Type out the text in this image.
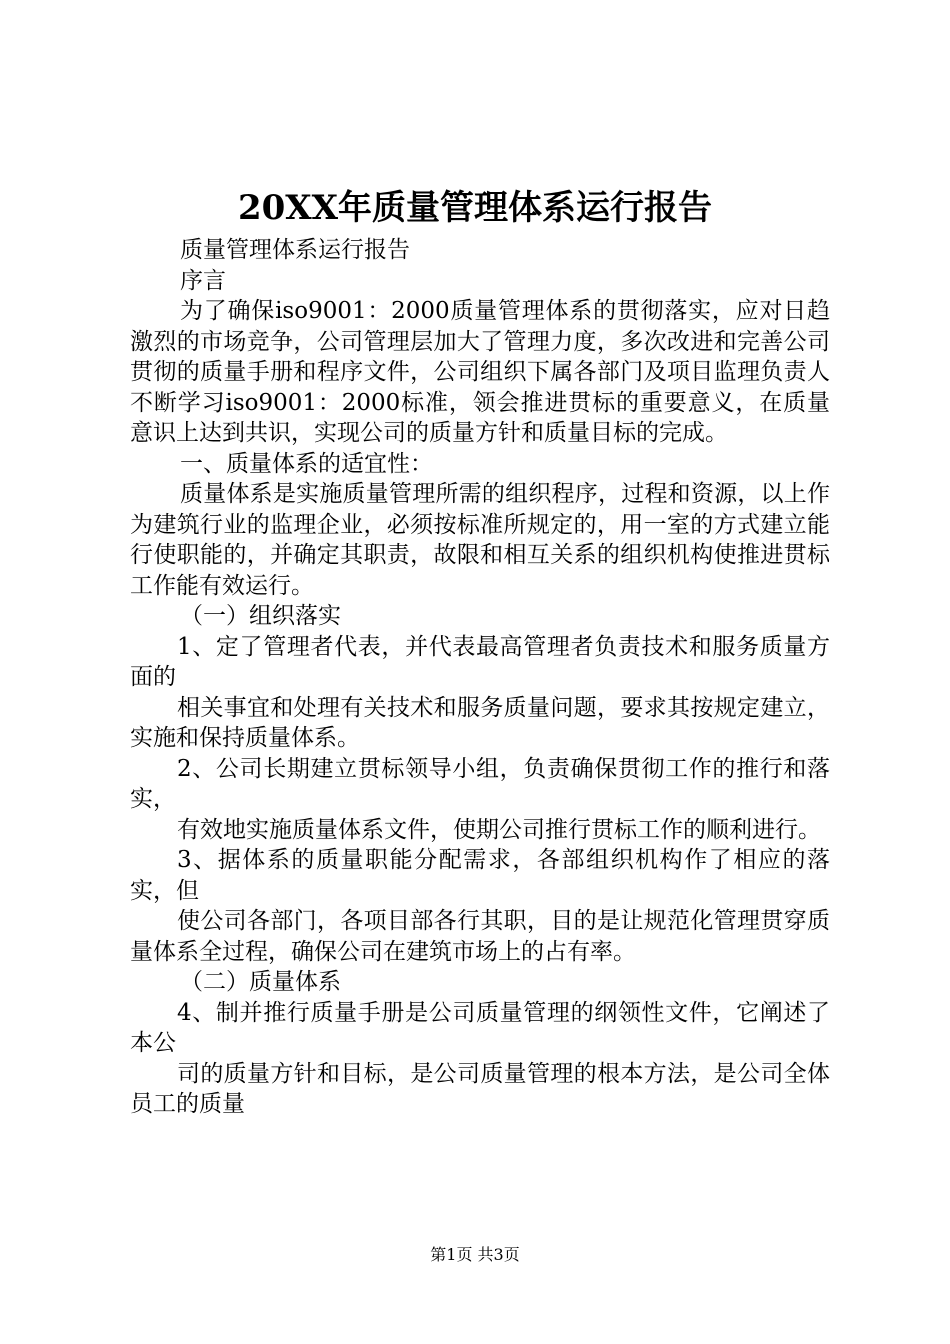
20XX年质量管理体系运行报告

质量管理体系运行报告

序言

为了确保iso9001：2000质量管理体系的贯彻落实，应对日趋激烈的市场竞争，公司管理层加大了管理力度，多次改进和完善公司贯彻的质量手册和程序文件，公司组织下属各部门及项目监理负责人不断学习iso9001：2000标准，领会推进贯标的重要意义，在质量意识上达到共识，实现公司的质量方针和质量目标的完成。

一、质量体系的适宜性：

质量体系是实施质量管理所需的组织程序，过程和资源，以上作为建筑行业的监理企业，必须按标准所规定的，用一室的方式建立能行使职能的，并确定其职责，故限和相互关系的组织机构使推进贯标工作能有效运行。

（一）组织落实

1、定了管理者代表，并代表最高管理者负责技术和服务质量方面的

相关事宜和处理有关技术和服务质量问题，要求其按规定建立，实施和保持质量体系。

2、公司长期建立贯标领导小组，负责确保贯彻工作的推行和落实，

有效地实施质量体系文件，使期公司推行贯标工作的顺利进行。

3、据体系的质量职能分配需求，各部组织机构作了相应的落实，但

使公司各部门，各项目部各行其职，目的是让规范化管理贯穿质量体系全过程，确保公司在建筑市场上的占有率。

（二）质量体系

4、制并推行质量手册是公司质量管理的纲领性文件，它阐述了本公

司的质量方针和目标，是公司质量管理的根本方法，是公司全体员工的质量

第1页 共3页
